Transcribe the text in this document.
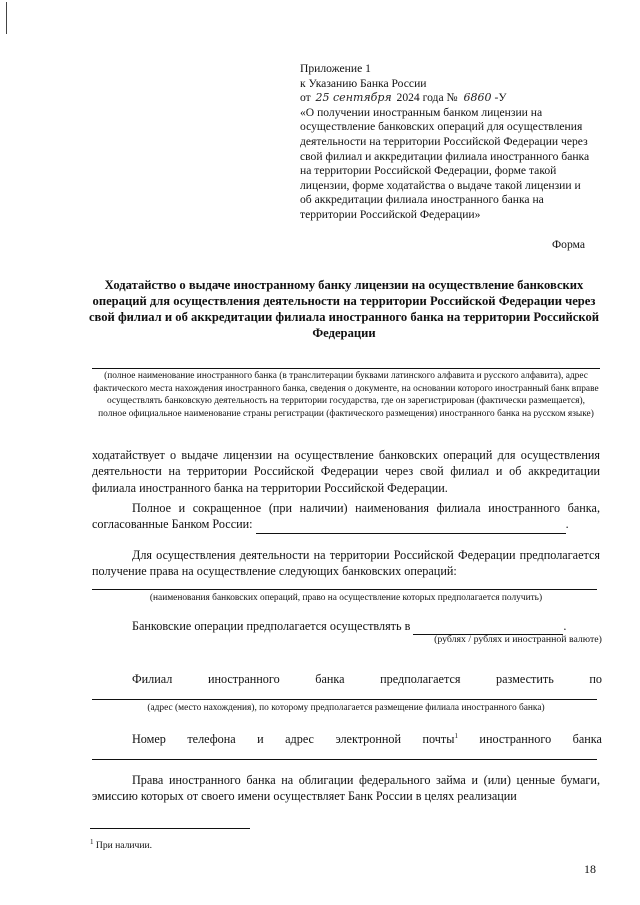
Приложение 1
к Указанию Банка России
от 25 сентября 2024 года № 6860 -У
«О получении иностранным банком лицензии на
осуществление банковских операций для осуществления
деятельности на территории Российской Федерации через
свой филиал и аккредитации филиала иностранного банка
на территории Российской Федерации, форме такой
лицензии, форме ходатайства о выдаче такой лицензии и
об аккредитации филиала иностранного банка на
территории Российской Федерации»
Форма
Ходатайство о выдаче иностранному банку лицензии на осуществление банковских операций для осуществления деятельности на территории Российской Федерации через свой филиал и об аккредитации филиала иностранного банка на территории Российской Федерации
(полное наименование иностранного банка (в транслитерации буквами латинского алфавита и русского алфавита), адрес фактического места нахождения иностранного банка, сведения о документе, на основании которого иностранный банк вправе осуществлять банковскую деятельность на территории государства, где он зарегистрирован (фактически размещается), полное официальное наименование страны регистрации (фактического размещения) иностранного банка на русском языке)
ходатайствует о выдаче лицензии на осуществление банковских операций для осуществления деятельности на территории Российской Федерации через свой филиал и об аккредитации филиала иностранного банка на территории Российской Федерации.
Полное и сокращенное (при наличии) наименования филиала иностранного банка, согласованные Банком России:	.
Для осуществления деятельности на территории Российской Федерации предполагается получение права на осуществление следующих банковских операций:
(наименования банковских операций, право на осуществление которых предполагается получить)
Банковские операции предполагается осуществлять в	.
(рублях / рублях и иностранной валюте)
Филиал	иностранного	банка	предполагается	разместить	по
(адрес (место нахождения), по которому предполагается размещение филиала иностранного банка)
Номер телефона и адрес электронной почты$^1$ иностранного банка
Права иностранного банка на облигации федерального займа и (или) ценные бумаги, эмиссию которых от своего имени осуществляет Банк России в целях реализации
$^1$ При наличии.
18
